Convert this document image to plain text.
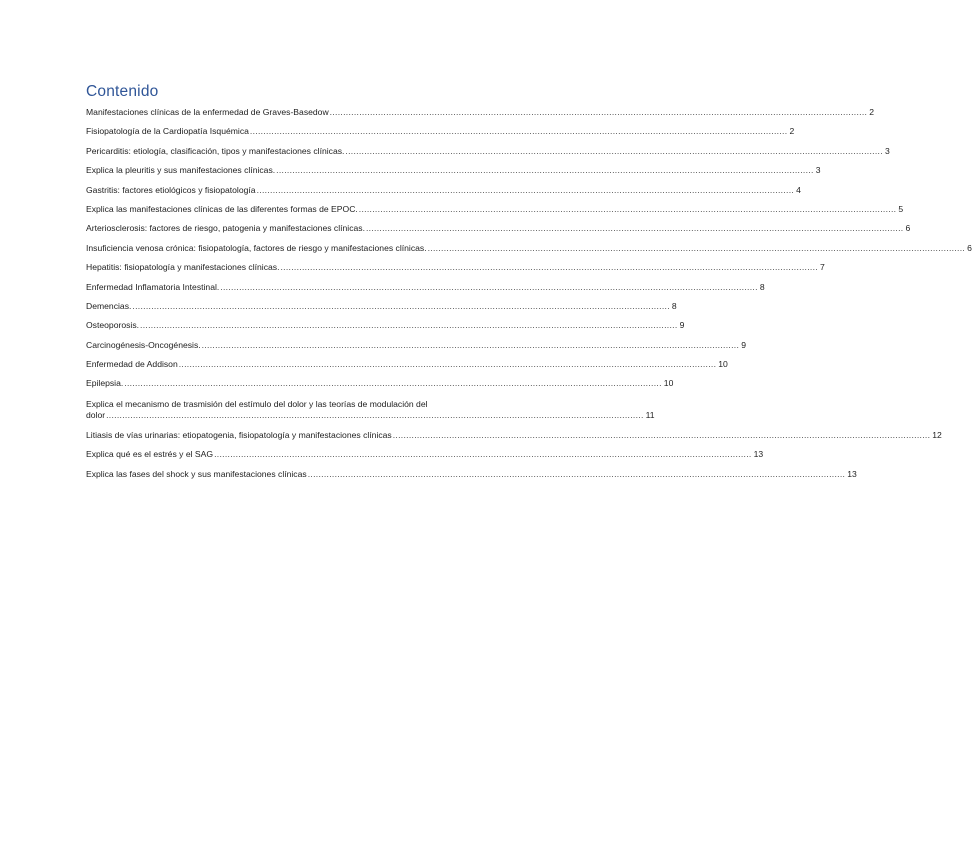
Contenido
Manifestaciones clínicas de la enfermedad de Graves-Basedow .....	2
Fisiopatología de la Cardiopatía Isquémica .....	2
Pericarditis: etiología, clasificación, tipos y manifestaciones clínicas. .....	3
Explica la pleuritis y sus manifestaciones clínicas. .....	3
Gastritis: factores etiológicos y fisiopatología .....	4
Explica las manifestaciones clínicas de las diferentes formas de EPOC. .....	5
Arteriosclerosis: factores de riesgo, patogenia y manifestaciones clínicas. .....	6
Insuficiencia venosa crónica: fisiopatología, factores de riesgo y manifestaciones clínicas. .....	6
Hepatitis: fisiopatología y manifestaciones clínicas. .....	7
Enfermedad Inflamatoria Intestinal. .....	8
Demencias. .....	8
Osteoporosis. .....	9
Carcinogénesis-Oncogénesis. .....	9
Enfermedad de Addison .....	10
Epilepsia. .....	10
Explica el mecanismo de trasmisión del estímulo del dolor y las teorías de modulación del
dolor .....	11
Litiasis de vías urinarias: etiopatogenia, fisiopatología y manifestaciones clínicas .....	12
Explica qué es el estrés y el SAG .....	13
Explica las fases del shock y sus manifestaciones clínicas .....	13
